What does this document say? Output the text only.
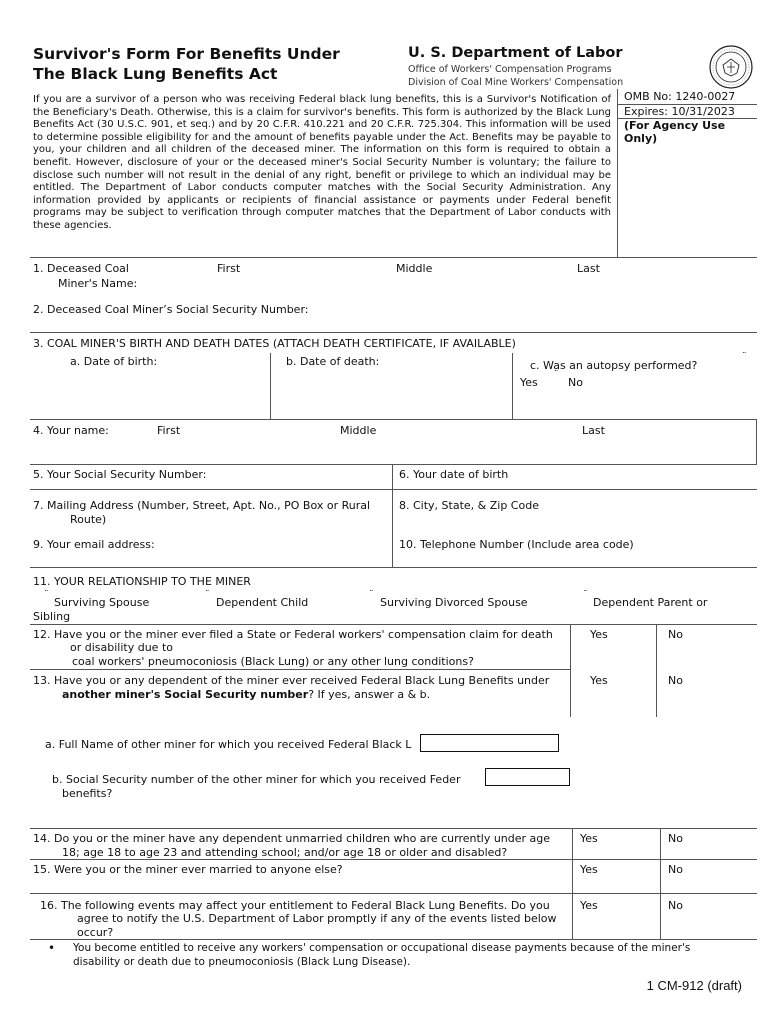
Survivor's Form For Benefits Under
The Black Lung Benefits Act
U. S. Department of Labor
Office of Workers' Compensation Programs
Division of Coal Mine Workers' Compensation
If you are a survivor of a person who was receiving Federal black lung benefits, this is a Survivor's Notification of the Beneficiary's Death. Otherwise, this is a claim for survivor's benefits. This form is authorized by the Black Lung Benefits Act (30 U.S.C. 901, et seq.) and by 20 C.F.R. 410.221 and 20 C.F.R. 725.304. This information will be used to determine possible eligibility for and the amount of benefits payable under the Act. Benefits may be payable to you, your children and all children of the deceased miner. The information on this form is required to obtain a benefit. However, disclosure of your or the deceased miner's Social Security Number is voluntary; the failure to disclose such number will not result in the denial of any right, benefit or privilege to which an individual may be entitled. The Department of Labor conducts computer matches with the Social Security Administration. Any information provided by applicants or recipients of financial assistance or payments under Federal benefit programs may be subject to verification through computer matches that the Department of Labor conducts with these agencies.
OMB No: 1240-0027
Expires: 10/31/2023
(For Agency Use
Only)
1. Deceased Coal
Miner's Name:
First	Middle	Last
2. Deceased Coal Miner’s Social Security Number:
3. COAL MINER'S BIRTH AND DEATH DATES (ATTACH DEATH CERTIFICATE, IF AVAILABLE)
a. Date of birth:	b. Date of death:	c. Was an autopsy performed?
¨
Yes
¨
No
4. Your name:	First	Middle	Last
5. Your Social Security Number:	6. Your date of birth
7. Mailing Address (Number, Street, Apt. No., PO Box or Rural
Route)
8. City, State, & Zip Code
9. Your email address:	10. Telephone Number (Include area code)
11. YOUR RELATIONSHIP TO THE MINER
¨
Surviving Spouse
¨
Dependent Child
¨
Surviving Divorced Spouse
¨
Dependent Parent or
Sibling
12. Have you or the miner ever filed a State or Federal workers' compensation claim for death
or disability due to
coal workers' pneumoconiosis (Black Lung) or any other lung conditions?
Yes	No
13. Have you or any dependent of the miner ever received Federal Black Lung Benefits under
another miner's Social Security number? If yes, answer a & b.
Yes	No
a. Full Name of other miner for which you received Federal Black L
b. Social Security number of the other miner for which you received Feder
benefits?
14. Do you or the miner have any dependent unmarried children who are currently under age
18; age 18 to age 23 and attending school; and/or age 18 or older and disabled?
Yes	No
15. Were you or the miner ever married to anyone else?	Yes	No
16. The following events may affect your entitlement to Federal Black Lung Benefits. Do you
agree to notify the U.S. Department of Labor promptly if any of the events listed below
occur?
Yes	No
• You become entitled to receive any workers' compensation or occupational disease payments because of the miner's
disability or death due to pneumoconiosis (Black Lung Disease).
1 CM-912 (draft)
